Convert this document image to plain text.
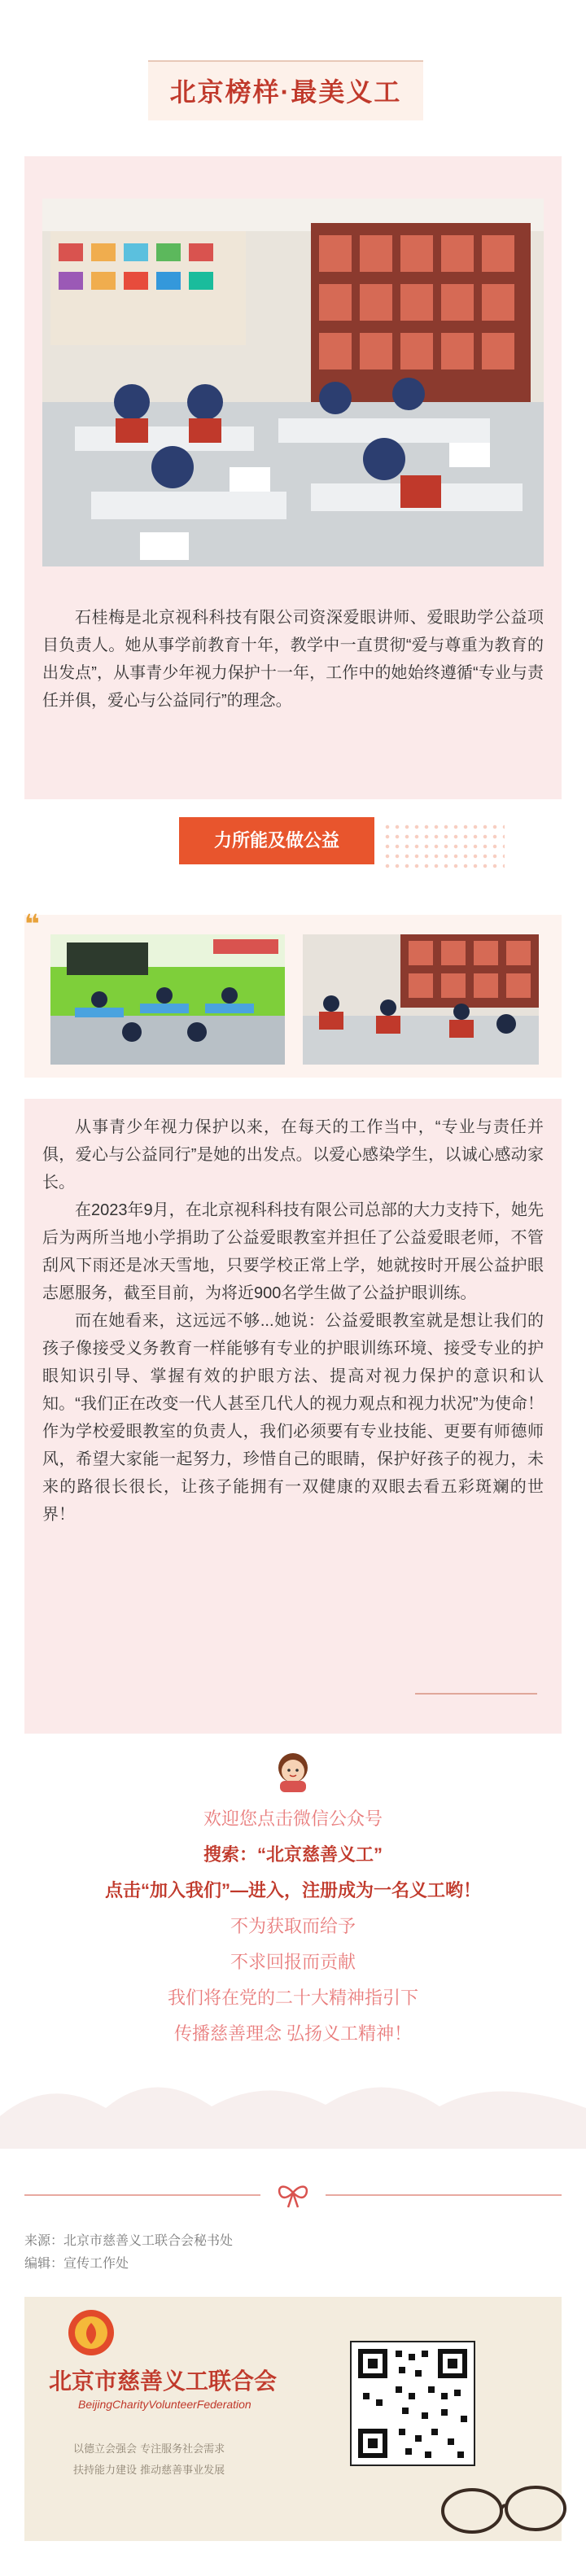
北京榜样·最美义工

石桂梅是北京视科科技有限公司资深爱眼讲师、爱眼助学公益项目负责人。她从事学前教育十年，教学中一直贯彻“爱与尊重为教育的出发点”，从事青少年视力保护十一年，工作中的她始终遵循“专业与责任并俱，爱心与公益同行”的理念。

力所能及做公益
❝

从事青少年视力保护以来，在每天的工作当中，“专业与责任并俱，爱心与公益同行”是她的出发点。以爱心感染学生，以诚心感动家长。

在2023年9月，在北京视科科技有限公司总部的大力支持下，她先后为两所当地小学捐助了公益爱眼教室并担任了公益爱眼老师，不管刮风下雨还是冰天雪地，只要学校正常上学，她就按时开展公益护眼志愿服务，截至目前，为将近900名学生做了公益护眼训练。

而在她看来，这远远不够...她说：公益爱眼教室就是想让我们的孩子像接受义务教育一样能够有专业的护眼训练环境、接受专业的护眼知识引导、掌握有效的护眼方法、提高对视力保护的意识和认知。“我们正在改变一代人甚至几代人的视力观点和视力状况”为使命！作为学校爱眼教室的负责人，我们必须要有专业技能、更要有师德师风，希望大家能一起努力，珍惜自己的眼睛，保护好孩子的视力，未来的路很长很长，让孩子能拥有一双健康的双眼去看五彩斑斓的世界！

欢迎您点击微信公众号
搜索：“北京慈善义工”
点击“加入我们”—进入，注册成为一名义工哟！
不为获取而给予
不求回报而贡献
我们将在党的二十大精神指引下
传播慈善理念 弘扬义工精神！
来源：北京市慈善义工联合会秘书处
编辑：宣传工作处
北京市慈善义工联合会
BeijingCharityVolunteerFederation
以德立会强会 专注服务社会需求
扶持能力建设 推动慈善事业发展
